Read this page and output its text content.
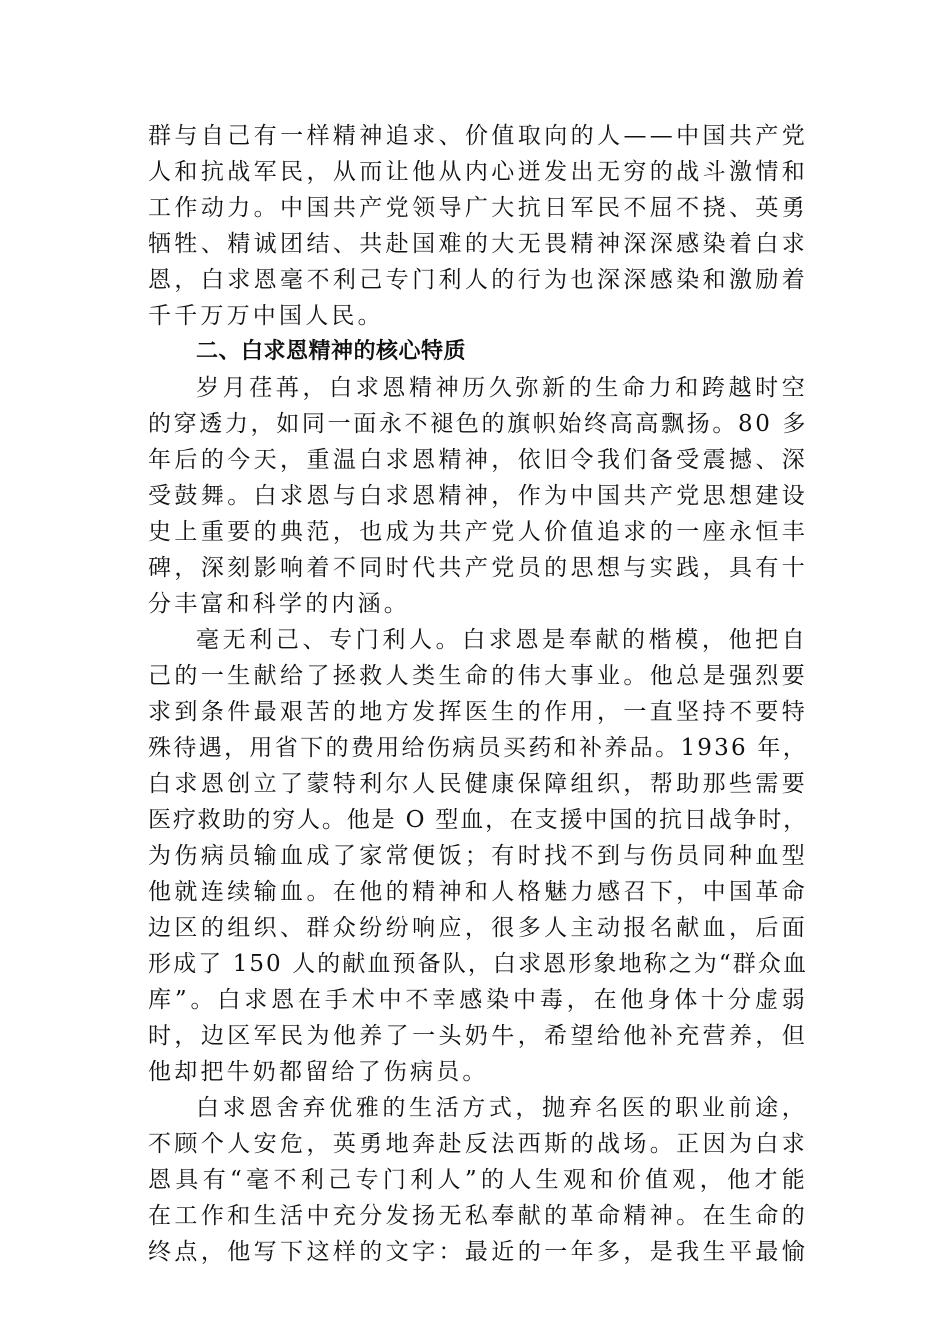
群与自己有一样精神追求、价值取向的人——中国共产党
人和抗战军民，从而让他从内心迸发出无穷的战斗激情和
工作动力。中国共产党领导广大抗日军民不屈不挠、英勇
牺牲、精诚团结、共赴国难的大无畏精神深深感染着白求
恩，白求恩毫不利己专门利人的行为也深深感染和激励着
千千万万中国人民。
二、白求恩精神的核心特质
岁月荏苒，白求恩精神历久弥新的生命力和跨越时空
的穿透力，如同一面永不褪色的旗帜始终高高飘扬。80 多
年后的今天，重温白求恩精神，依旧令我们备受震撼、深
受鼓舞。白求恩与白求恩精神，作为中国共产党思想建设
史上重要的典范，也成为共产党人价值追求的一座永恒丰
碑，深刻影响着不同时代共产党员的思想与实践，具有十
分丰富和科学的内涵。
毫无利己、专门利人。白求恩是奉献的楷模，他把自
己的一生献给了拯救人类生命的伟大事业。他总是强烈要
求到条件最艰苦的地方发挥医生的作用，一直坚持不要特
殊待遇，用省下的费用给伤病员买药和补养品。1936 年，
白求恩创立了蒙特利尔人民健康保障组织，帮助那些需要
医疗救助的穷人。他是 O 型血，在支援中国的抗日战争时，
为伤病员输血成了家常便饭；有时找不到与伤员同种血型
他就连续输血。在他的精神和人格魅力感召下，中国革命
边区的组织、群众纷纷响应，很多人主动报名献血，后面
形成了 150 人的献血预备队，白求恩形象地称之为“群众血
库”。白求恩在手术中不幸感染中毒，在他身体十分虚弱
时，边区军民为他养了一头奶牛，希望给他补充营养，但
他却把牛奶都留给了伤病员。
白求恩舍弃优雅的生活方式，抛弃名医的职业前途，
不顾个人安危，英勇地奔赴反法西斯的战场。正因为白求
恩具有“毫不利己专门利人”的人生观和价值观，他才能
在工作和生活中充分发扬无私奉献的革命精神。在生命的
终点，他写下这样的文字：最近的一年多，是我生平最愉
